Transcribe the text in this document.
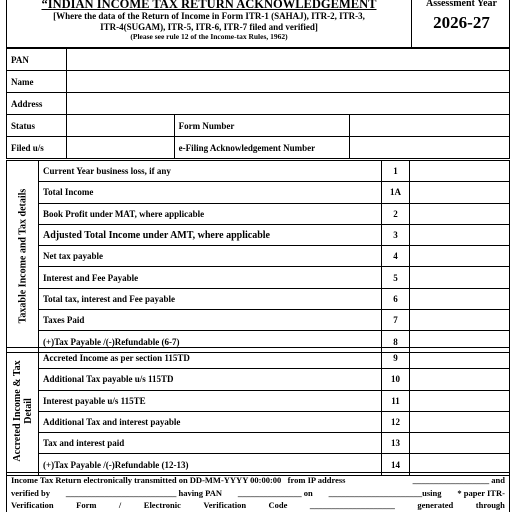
“INDIAN INCOME TAX RETURN ACKNOWLEDGEMENT
[Where the data of the Return of Income in Form ITR-1 (SAHAJ), ITR-2, ITR-3,
ITR-4(SUGAM), ITR-5, ITR-6, ITR-7 filed and verified]
(Please see rule 12 of the Income-tax Rules, 1962)
Assessment Year
2026-27
PAN			
Name			
Address			
Status		Form Number	
Filed u/s		e-Filing Acknowledgement Number	
Taxable Income and Tax details	Current Year business loss, if any	1	
	Total Income	1A	
	Book Profit under MAT, where applicable	2	
	Adjusted Total Income under AMT, where applicable	3	
	Net tax payable	4	
	Interest and Fee Payable	5	
	Total tax, interest and Fee payable	6	
	Taxes Paid	7	
	(+)Tax Payable /(-)Refundable (6-7)	8	
Accreted Income & Tax Detail	Accreted Income as per section 115TD	9	
	Additional Tax payable u/s 115TD	10	
	Interest payable u/s 115TE	11	
	Additional Tax and interest payable	12	
	Tax and interest paid	13	
	(+)Tax Payable /(-)Refundable (12-13)	14	
Income Tax Return electronically transmitted on DD-MM-YYYY 00:00:00   from IP address	__________________ and
verified by __________________________ having PAN _______________ on ______________________using * paper ITR-
Verification	Form	/	Electronic	Verification	Code	____________________	generated	through
